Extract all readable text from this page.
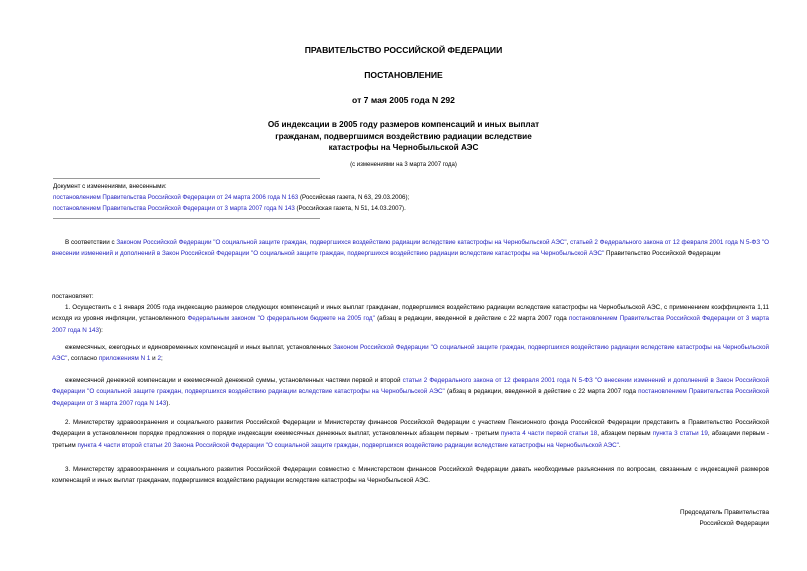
ПРАВИТЕЛЬСТВО РОССИЙСКОЙ ФЕДЕРАЦИИ
ПОСТАНОВЛЕНИЕ
от 7 мая 2005 года N 292
Об индексации в 2005 году размеров компенсаций и иных выплат
гражданам, подвергшимся воздействию радиации вследствие
катастрофы на Чернобыльской АЭС
(с изменениями на 3 марта 2007 года)
Документ с изменениями, внесенными:
постановлением Правительства Российской Федерации от 24 марта 2006 года N 163 (Российская газета, N 63, 29.03.2006);
постановлением Правительства Российской Федерации от 3 марта 2007 года N 143 (Российская газета, N 51, 14.03.2007).
В соответствии с Законом Российской Федерации "О социальной защите граждан, подвергшихся воздействию радиации вследствие катастрофы на Чернобыльской АЭС", статьей 2 Федерального закона от 12 февраля 2001 года N 5-ФЗ "О внесении изменений и дополнений в Закон Российской Федерации "О социальной защите граждан, подвергшихся воздействию радиации вследствие катастрофы на Чернобыльской АЭС" Правительство Российской Федерации
постановляет:
1. Осуществить с 1 января 2005 года индексацию размеров следующих компенсаций и иных выплат гражданам, подвергшимся воздействию радиации вследствие катастрофы на Чернобыльской АЭС, с применением коэффициента 1,11 исходя из уровня инфляции, установленного Федеральным законом "О федеральном бюджете на 2005 год" (абзац в редакции, введенной в действие с 22 марта 2007 года постановлением Правительства Российской Федерации от 3 марта 2007 года N 143):
ежемесячных, ежегодных и единовременных компенсаций и иных выплат, установленных Законом Российской Федерации "О социальной защите граждан, подвергшихся воздействию радиации вследствие катастрофы на Чернобыльской АЭС", согласно приложениям N 1 и 2;
ежемесячной денежной компенсации и ежемесячной денежной суммы, установленных частями первой и второй статьи 2 Федерального закона от 12 февраля 2001 года N 5-ФЗ "О внесении изменений и дополнений в Закон Российской Федерации "О социальной защите граждан, подвергшихся воздействию радиации вследствие катастрофы на Чернобыльской АЭС" (абзац в редакции, введенной в действие с 22 марта 2007 года постановлением Правительства Российской Федерации от 3 марта 2007 года N 143).
2. Министерству здравоохранения и социального развития Российской Федерации и Министерству финансов Российской Федерации с участием Пенсионного фонда Российской Федерации представить в Правительство Российской Федерации в установленном порядке предложения о порядке индексации ежемесячных денежных выплат, установленных абзацем первым - третьим пункта 4 части первой статьи 18, абзацем первым пункта 3 статьи 19, абзацами первым - третьим пункта 4 части второй статьи 20 Закона Российской Федерации "О социальной защите граждан, подвергшихся воздействию радиации вследствие катастрофы на Чернобыльской АЭС".
3. Министерству здравоохранения и социального развития Российской Федерации совместно с Министерством финансов Российской Федерации давать необходимые разъяснения по вопросам, связанным с индексацией размеров компенсаций и иных выплат гражданам, подвергшимся воздействию радиации вследствие катастрофы на Чернобыльской АЭС.
Председатель Правительства
Российской Федерации
